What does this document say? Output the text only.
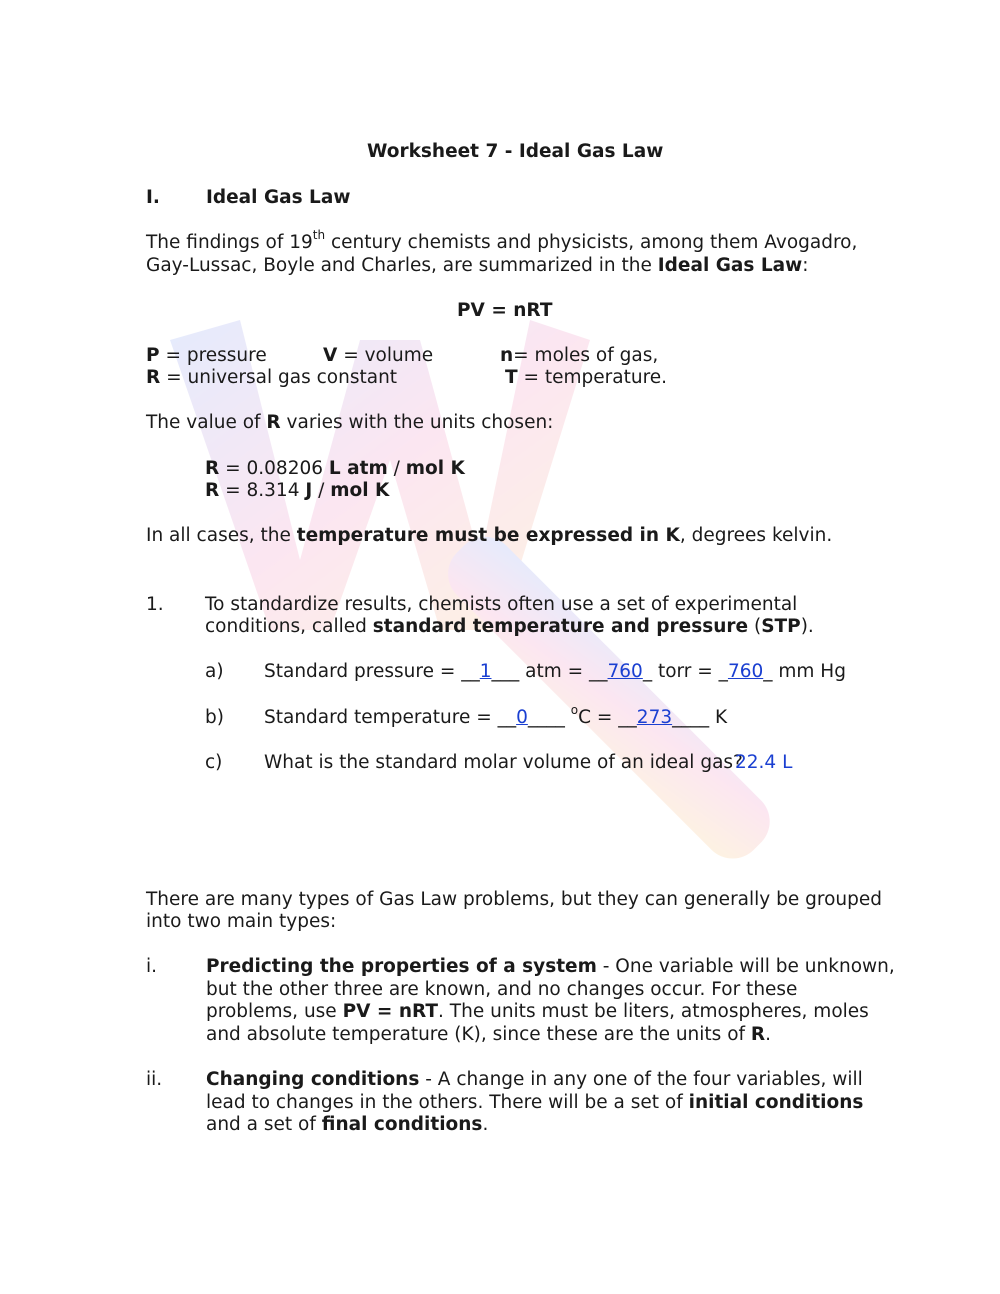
Worksheet 7 - Ideal Gas Law
I. Ideal Gas Law
The findings of 19th century chemists and physicists, among them Avogadro,
Gay-Lussac, Boyle and Charles, are summarized in the Ideal Gas Law:
PV = nRT
P = pressure	V = volume	n= moles of gas,
R = universal gas constant	T = temperature.
The value of R varies with the units chosen:
R = 0.08206 L atm / mol K
R = 8.314 J / mol K
In all cases, the temperature must be expressed in K, degrees kelvin.
1. To standardize results, chemists often use a set of experimental
conditions, called standard temperature and pressure (STP).
a) Standard pressure = __1___ atm = __760_ torr = _760_ mm Hg
b) Standard temperature = __0____ $^o$C = __273____ K
c) What is the standard molar volume of an ideal gas?
22.4 L
There are many types of Gas Law problems, but they can generally be grouped
into two main types:
i.	Predicting the properties of a system - One variable will be unknown,
but the other three are known, and no changes occur. For these
problems, use PV = nRT. The units must be liters, atmospheres, moles
and absolute temperature (K), since these are the units of R.
ii. Changing conditions - A change in any one of the four variables, will
lead to changes in the others. There will be a set of initial conditions
and a set of final conditions.
